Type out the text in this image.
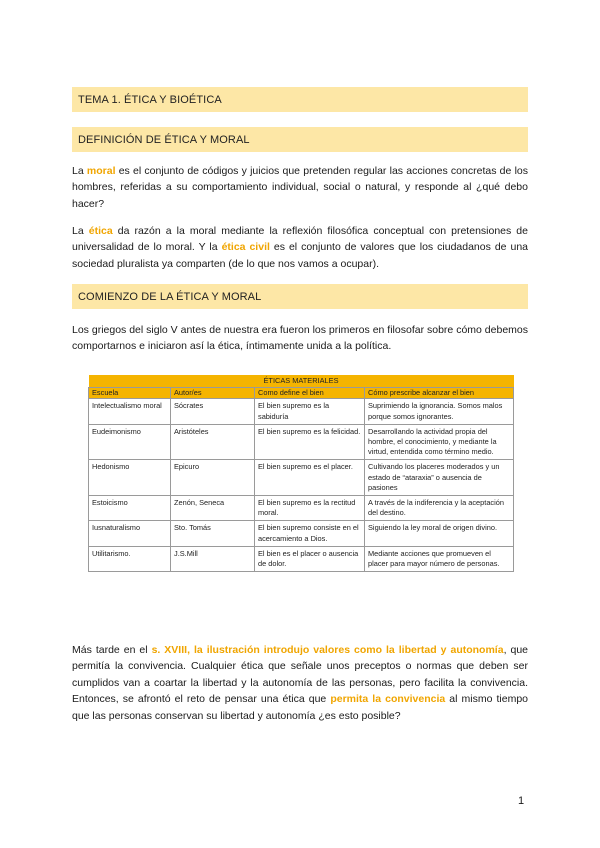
TEMA 1. ÉTICA Y BIOÉTICA
DEFINICIÓN DE ÉTICA Y MORAL
La moral es el conjunto de códigos y juicios que pretenden regular las acciones concretas de los hombres, referidas a su comportamiento individual, social o natural, y responde al ¿qué debo hacer?
La ética da razón a la moral mediante la reflexión filosófica conceptual con pretensiones de universalidad de lo moral. Y la ética civil es el conjunto de valores que los ciudadanos de una sociedad pluralista ya comparten (de lo que nos vamos a ocupar).
COMIENZO DE LA ÉTICA Y MORAL
Los griegos del siglo V antes de nuestra era fueron los primeros en filosofar sobre cómo debemos comportarnos e iniciaron así la ética, íntimamente unida a la política.
ÉTICAS MATERIALES			
Escuela	Autor/es	Como define el bien	Cómo prescribe alcanzar el bien
Intelectualismo moral	Sócrates	El bien supremo es la sabiduría	Suprimiendo la ignorancia. Somos malos porque somos ignorantes.
Eudeimonismo	Aristóteles	El bien supremo es la felicidad.	Desarrollando la actividad propia del hombre, el conocimiento, y mediante la virtud, entendida como término medio.
Hedonismo	Epicuro	El bien supremo es el placer.	Cultivando los placeres moderados y un estado de “ataraxia” o ausencia de pasiones
Estoicismo	Zenón, Seneca	El bien supremo es la rectitud moral.	A través de la indiferencia y la aceptación del destino.
Iusnaturalismo	Sto. Tomás	El bien supremo consiste en el acercamiento a Dios.	Siguiendo la ley moral de origen divino.
Utilitarismo.	J.S.Mill	El bien es el placer o ausencia de dolor.	Mediante acciones que promueven el placer para mayor número de personas.
Más tarde en el s. XVIII, la ilustración introdujo valores como la libertad y autonomía, que permitía la convivencia. Cualquier ética que señale unos preceptos o normas que deben ser cumplidos van a coartar la libertad y la autonomía de las personas, pero facilita la convivencia. Entonces, se afrontó el reto de pensar una ética que permita la convivencia al mismo tiempo que las personas conservan su libertad y autonomía ¿es esto posible?
1
